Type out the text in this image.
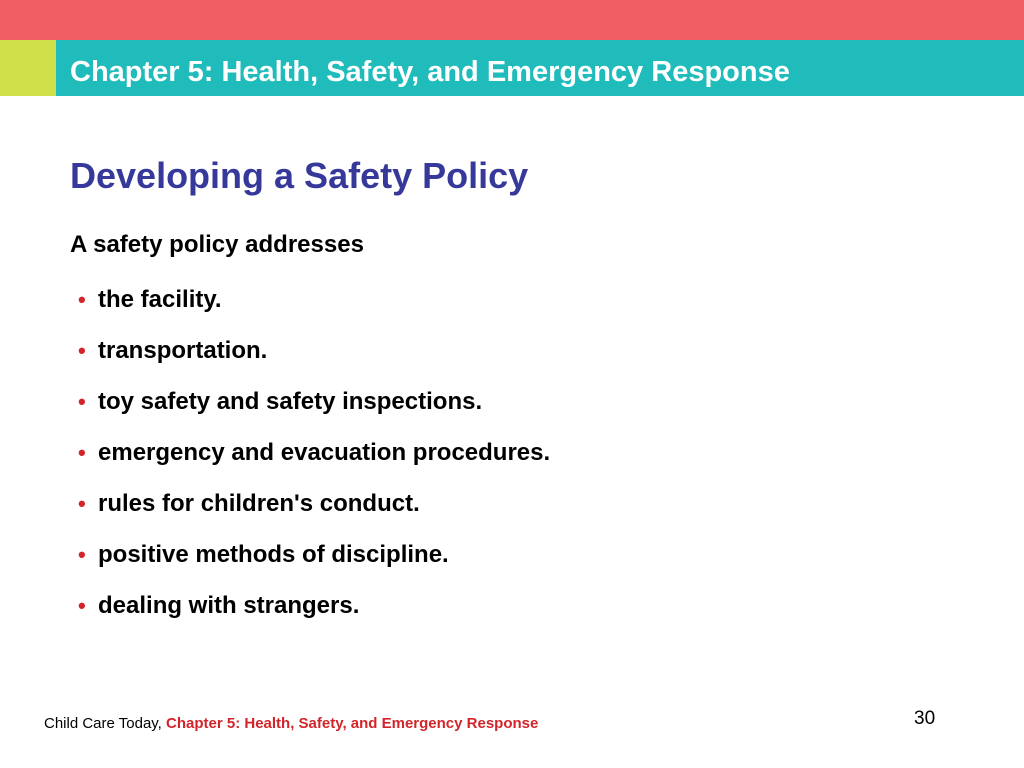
Chapter 5: Health, Safety, and Emergency Response
Developing a Safety Policy

A safety policy addresses

• the facility.
• transportation.
• toy safety and safety inspections.
• emergency and evacuation procedures.
• rules for children's conduct.
• positive methods of discipline.
• dealing with strangers.
Child Care Today, Chapter 5: Health, Safety, and Emergency Response	30
